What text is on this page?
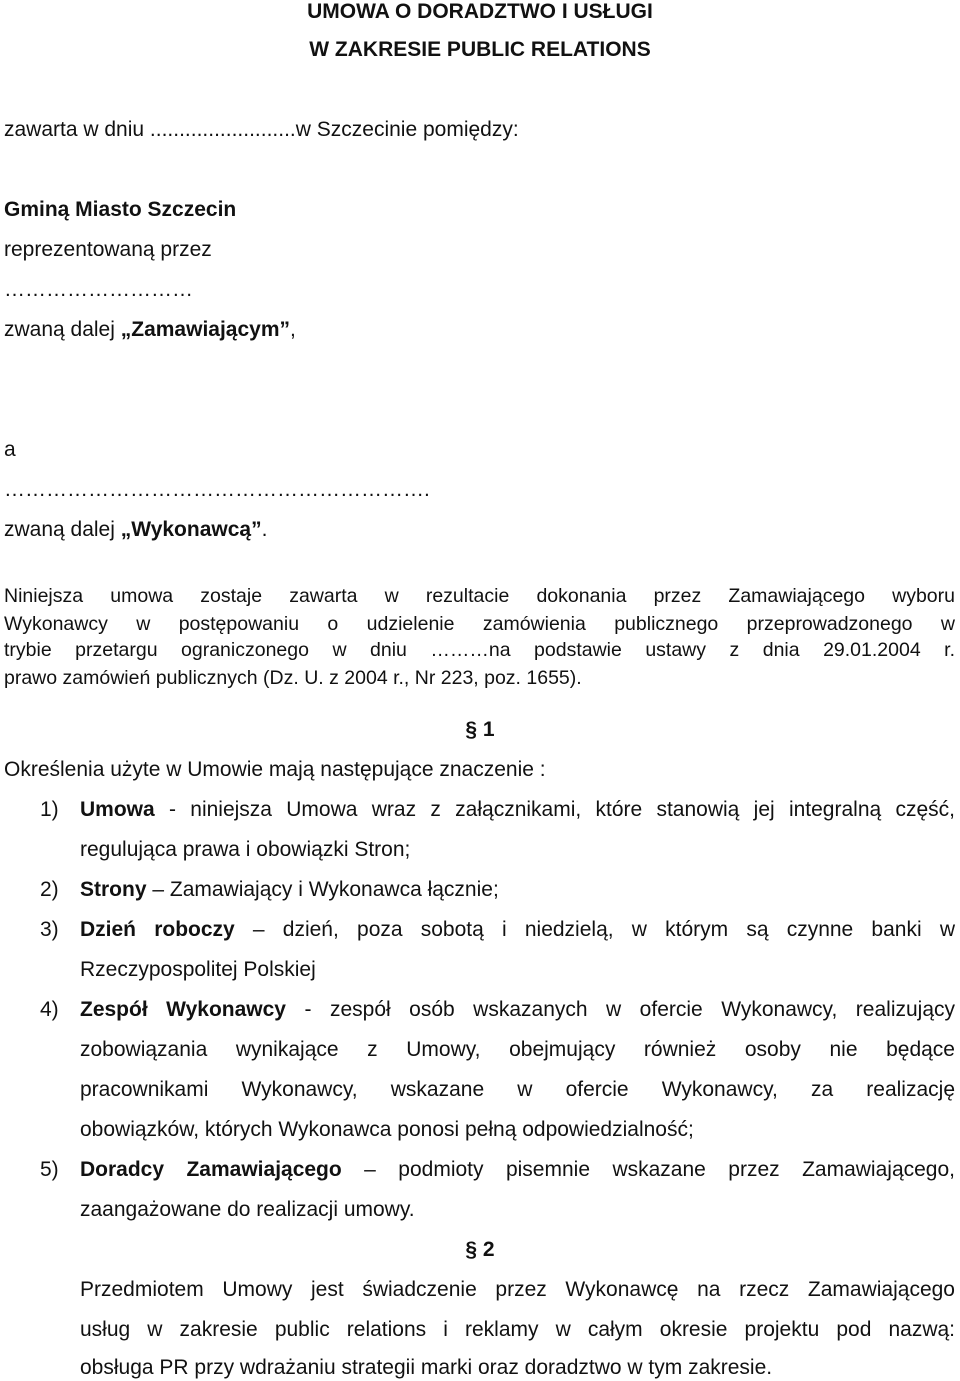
UMOWA O DORADZTWO I USŁUGI
W ZAKRESIE PUBLIC RELATIONS

zawarta w dniu .........................w Szczecinie pomiędzy:

Gminą Miasto Szczecin

reprezentowaną przez

………………………

zwaną dalej „Zamawiającym”,

a

…………………………………………………….

zwaną dalej „Wykonawcą”.

Niniejsza umowa zostaje zawarta w rezultacie dokonania przez Zamawiającego wyboru

Wykonawcy w postępowaniu o udzielenie zamówienia publicznego przeprowadzonego w

trybie przetargu ograniczonego w dniu ………na podstawie ustawy z dnia 29.01.2004 r.

prawo zamówień publicznych (Dz. U. z 2004 r., Nr 223, poz. 1655).

§ 1

Określenia użyte w Umowie mają następujące znaczenie :

1) Umowa - niniejsza Umowa wraz z załącznikami, które stanowią jej integralną część,

regulująca prawa i obowiązki Stron;

2) Strony – Zamawiający i Wykonawca łącznie;

3) Dzień roboczy – dzień, poza sobotą i niedzielą, w którym są czynne banki w

Rzeczypospolitej Polskiej

4) Zespół Wykonawcy - zespół osób wskazanych w ofercie Wykonawcy, realizujący

zobowiązania wynikające z Umowy, obejmujący również osoby nie będące

pracownikami Wykonawcy, wskazane w ofercie Wykonawcy, za realizację

obowiązków, których Wykonawca ponosi pełną odpowiedzialność;

5) Doradcy Zamawiającego – podmioty pisemnie wskazane przez Zamawiającego,

zaangażowane do realizacji umowy.

§ 2

Przedmiotem Umowy jest świadczenie przez Wykonawcę na rzecz Zamawiającego

usług w zakresie public relations i reklamy w całym okresie projektu pod nazwą:

obsługa PR przy wdrażaniu strategii marki oraz doradztwo w tym zakresie.
